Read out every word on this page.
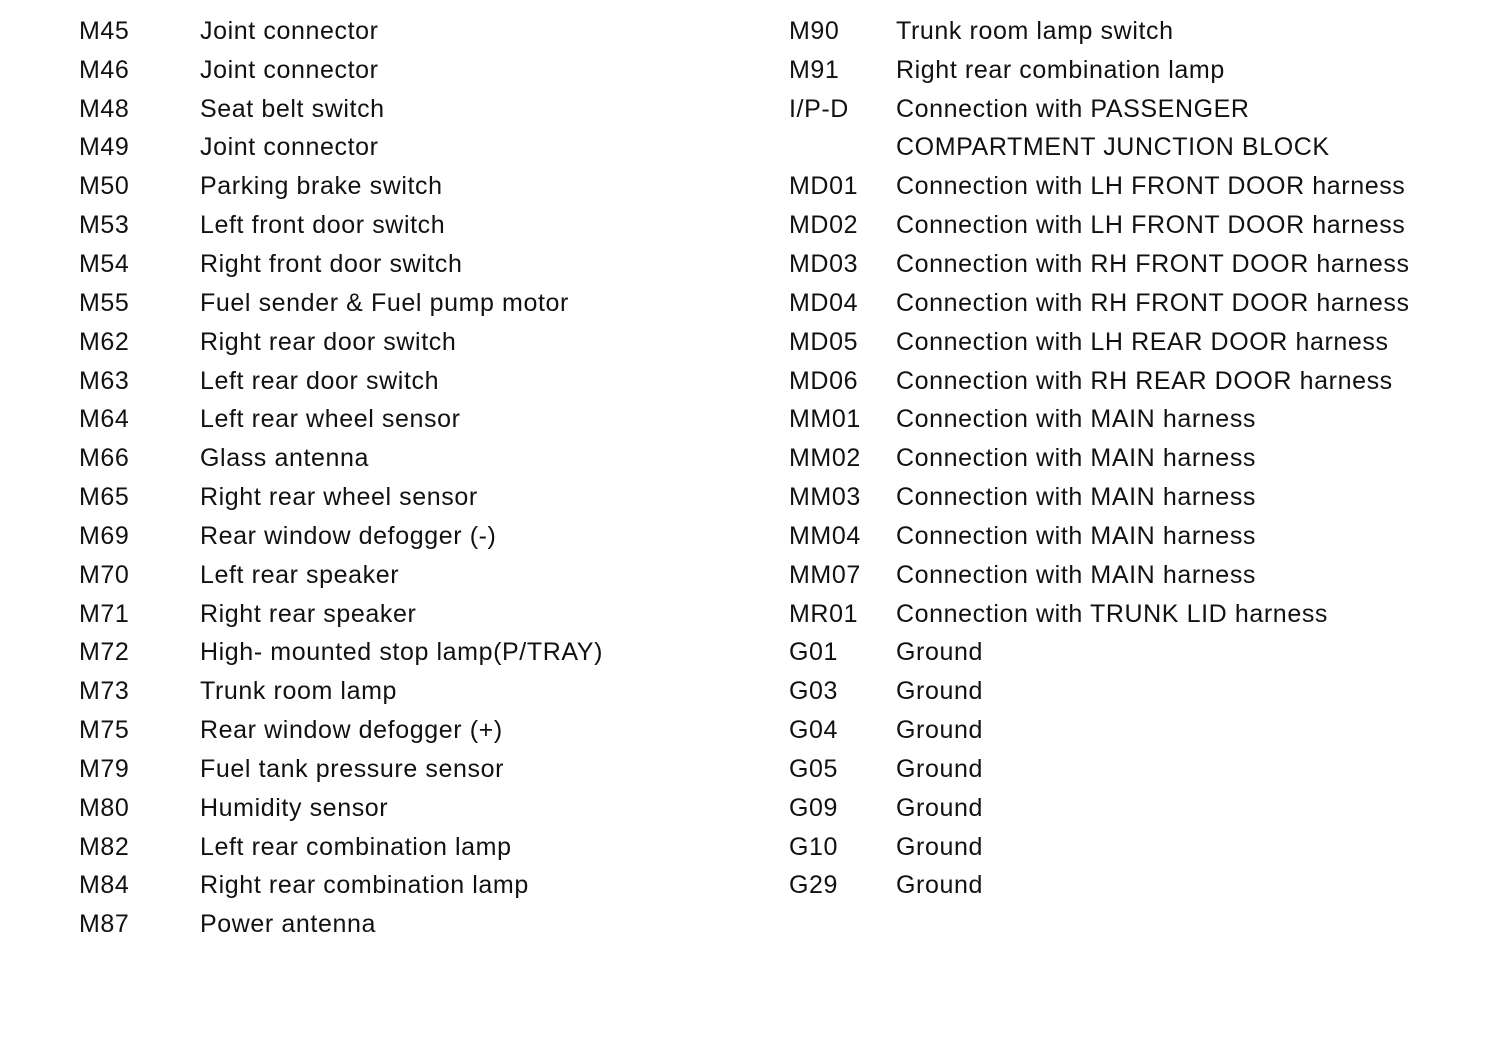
M45	Joint connector
M46	Joint connector
M48	Seat belt switch
M49	Joint connector
M50	Parking brake switch
M53	Left front door switch
M54	Right front door switch
M55	Fuel sender & Fuel pump motor
M62	Right rear door switch
M63	Left rear door switch
M64	Left rear wheel sensor
M66	Glass antenna
M65	Right rear wheel sensor
M69	Rear window defogger (-)
M70	Left rear speaker
M71	Right rear speaker
M72	High- mounted stop lamp(P/TRAY)
M73	Trunk room lamp
M75	Rear window defogger (+)
M79	Fuel tank pressure sensor
M80	Humidity sensor
M82	Left rear combination lamp
M84	Right rear combination lamp
M87	Power antenna
M90	Trunk room lamp switch
M91	Right rear combination lamp
I/P-D	Connection with PASSENGER
COMPARTMENT JUNCTION BLOCK
MD01	Connection with LH FRONT DOOR harness
MD02	Connection with LH FRONT DOOR harness
MD03	Connection with RH FRONT DOOR harness
MD04	Connection with RH FRONT DOOR harness
MD05	Connection with LH REAR DOOR harness
MD06	Connection with RH REAR DOOR harness
MM01	Connection with MAIN harness
MM02	Connection with MAIN harness
MM03	Connection with MAIN harness
MM04	Connection with MAIN harness
MM07	Connection with MAIN harness
MR01	Connection with TRUNK LID harness
G01	Ground
G03	Ground
G04	Ground
G05	Ground
G09	Ground
G10	Ground
G29	Ground
